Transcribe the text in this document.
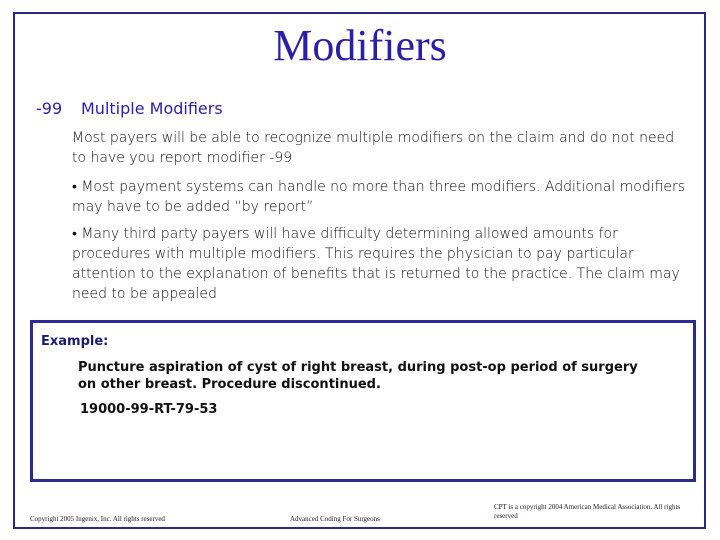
Modifiers
-99 Multiple Modifiers
Most payers will be able to recognize multiple modifiers on the claim and do not need to have you report modifier -99
• Most payment systems can handle no more than three modifiers. Additional modifiers may have to be added “by report”
• Many third party payers will have difficulty determining allowed amounts for procedures with multiple modifiers. This requires the physician to pay particular attention to the explanation of benefits that is returned to the practice. The claim may need to be appealed
Example:
Puncture aspiration of cyst of right breast, during post-op period of surgery on other breast. Procedure discontinued.
19000-99-RT-79-53
Copyright 2005 Ingenix, Inc. All rights reserved	Advanced Coding For Surgeons
CPT is a copyright 2004 American Medical Association. All rights reserved
